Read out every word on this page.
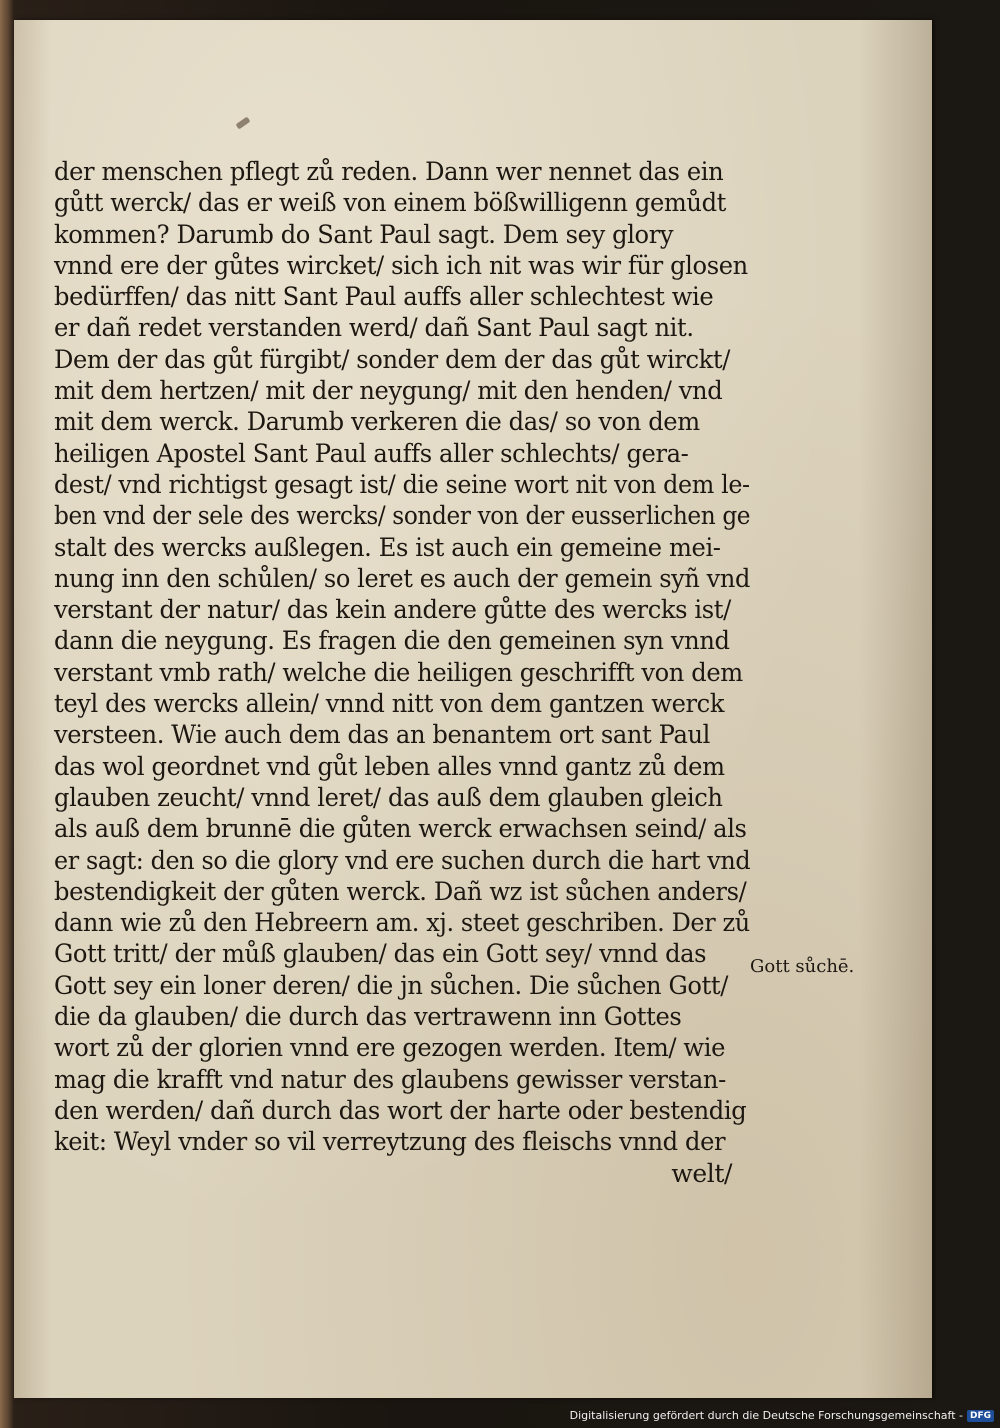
der menschen pflegt zů reden. Dann wer nennet das ein
gůtt werck/ das er weiß von einem bößwilligenn gemůdt
kommen? Darumb do Sant Paul sagt. Dem sey glory
vnnd ere der gůtes wircket/ sich ich nit was wir für glosen
bedürffen/ das nitt Sant Paul auffs aller schlechtest wie
er dañ redet verstanden werd/ dañ Sant Paul sagt nit.
Dem der das gůt fürgibt/ sonder dem der das gůt wirckt/
mit dem hertzen/ mit der neygung/ mit den henden/ vnd
mit dem werck. Darumb verkeren die das/ so von dem
heiligen Apostel Sant Paul auffs aller schlechts/ gera-
dest/ vnd richtigst gesagt ist/ die seine wort nit von dem le-
ben vnd der sele des wercks/ sonder von der eusserlichen ge
stalt des wercks außlegen. Es ist auch ein gemeine mei-
nung inn den schůlen/ so leret es auch der gemein syñ vnd
verstant der natur/ das kein andere gůtte des wercks ist/
dann die neygung. Es fragen die den gemeinen syn vnnd
verstant vmb rath/ welche die heiligen geschrifft von dem
teyl des wercks allein/ vnnd nitt von dem gantzen werck
versteen. Wie auch dem das an benantem ort sant Paul
das wol geordnet vnd gůt leben alles vnnd gantz zů dem
glauben zeucht/ vnnd leret/ das auß dem glauben gleich
als auß dem brunnē die gůten werck erwachsen seind/ als
er sagt: den so die glory vnd ere suchen durch die hart vnd
bestendigkeit der gůten werck. Dañ wz ist sůchen anders/
dann wie zů den Hebreern am. xj. steet geschriben. Der zů
Gott tritt/ der můß glauben/ das ein Gott sey/ vnnd das
Gott sey ein loner deren/ die jn sůchen. Die sůchen Gott/
die da glauben/ die durch das vertrawenn inn Gottes
wort zů der glorien vnnd ere gezogen werden. Item/ wie
mag die krafft vnd natur des glaubens gewisser verstan-
den werden/ dañ durch das wort der harte oder bestendig
keit: Weyl vnder so vil verreytzung des fleischs vnnd der
welt/
Gott sůchē.
Digitalisierung gefördert durch die Deutsche Forschungsgemeinschaft - DFG
